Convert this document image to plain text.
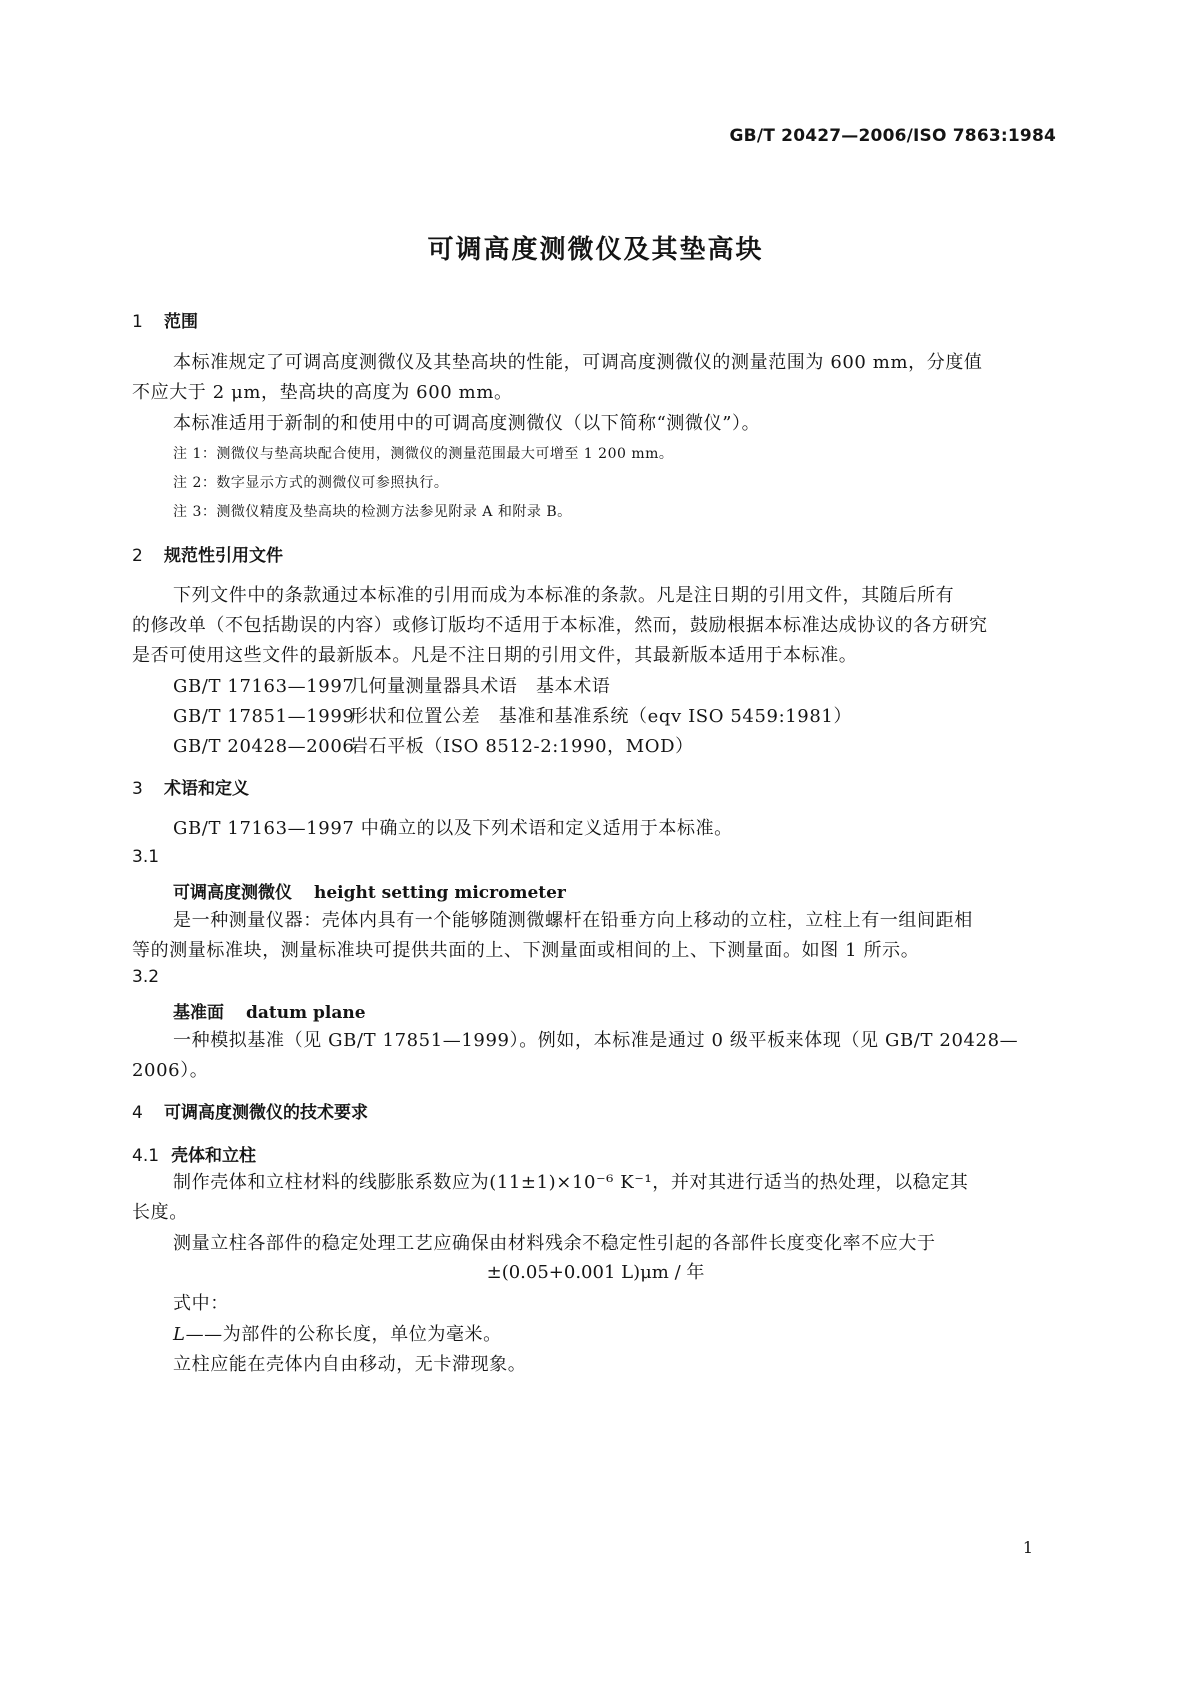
GB/T 20427—2006/ISO 7863:1984
可调高度测微仪及其垫高块
1 范围
本标准规定了可调高度测微仪及其垫高块的性能，可调高度测微仪的测量范围为 600 mm，分度值
不应大于 2 μm，垫高块的高度为 600 mm。
本标准适用于新制的和使用中的可调高度测微仪（以下简称“测微仪”）。
注 1：测微仪与垫高块配合使用，测微仪的测量范围最大可增至 1 200 mm。
注 2：数字显示方式的测微仪可参照执行。
注 3：测微仪精度及垫高块的检测方法参见附录 A 和附录 B。
2 规范性引用文件
下列文件中的条款通过本标准的引用而成为本标准的条款。凡是注日期的引用文件，其随后所有
的修改单（不包括勘误的内容）或修订版均不适用于本标准，然而，鼓励根据本标准达成协议的各方研究
是否可使用这些文件的最新版本。凡是不注日期的引用文件，其最新版本适用于本标准。
GB/T 17163—1997几何量测量器具术语　基本术语
GB/T 17851—1999形状和位置公差　基准和基准系统（eqv ISO 5459:1981）
GB/T 20428—2006岩石平板（ISO 8512-2:1990，MOD）
3 术语和定义
GB/T 17163—1997 中确立的以及下列术语和定义适用于本标准。
3.1
可调高度测微仪 height setting micrometer
是一种测量仪器：壳体内具有一个能够随测微螺杆在铅垂方向上移动的立柱，立柱上有一组间距相
等的测量标准块，测量标准块可提供共面的上、下测量面或相间的上、下测量面。如图 1 所示。
3.2
基准面 datum plane
一种模拟基准（见 GB/T 17851—1999）。例如，本标准是通过 0 级平板来体现（见 GB/T 20428—
2006）。
4 可调高度测微仪的技术要求
4.1 壳体和立柱
制作壳体和立柱材料的线膨胀系数应为(11±1)×10⁻⁶ K⁻¹，并对其进行适当的热处理，以稳定其
长度。
测量立柱各部件的稳定处理工艺应确保由材料残余不稳定性引起的各部件长度变化率不应大于
±(0.05+0.001 L)μm / 年
式中：
L——为部件的公称长度，单位为毫米。
立柱应能在壳体内自由移动，无卡滞现象。
1
